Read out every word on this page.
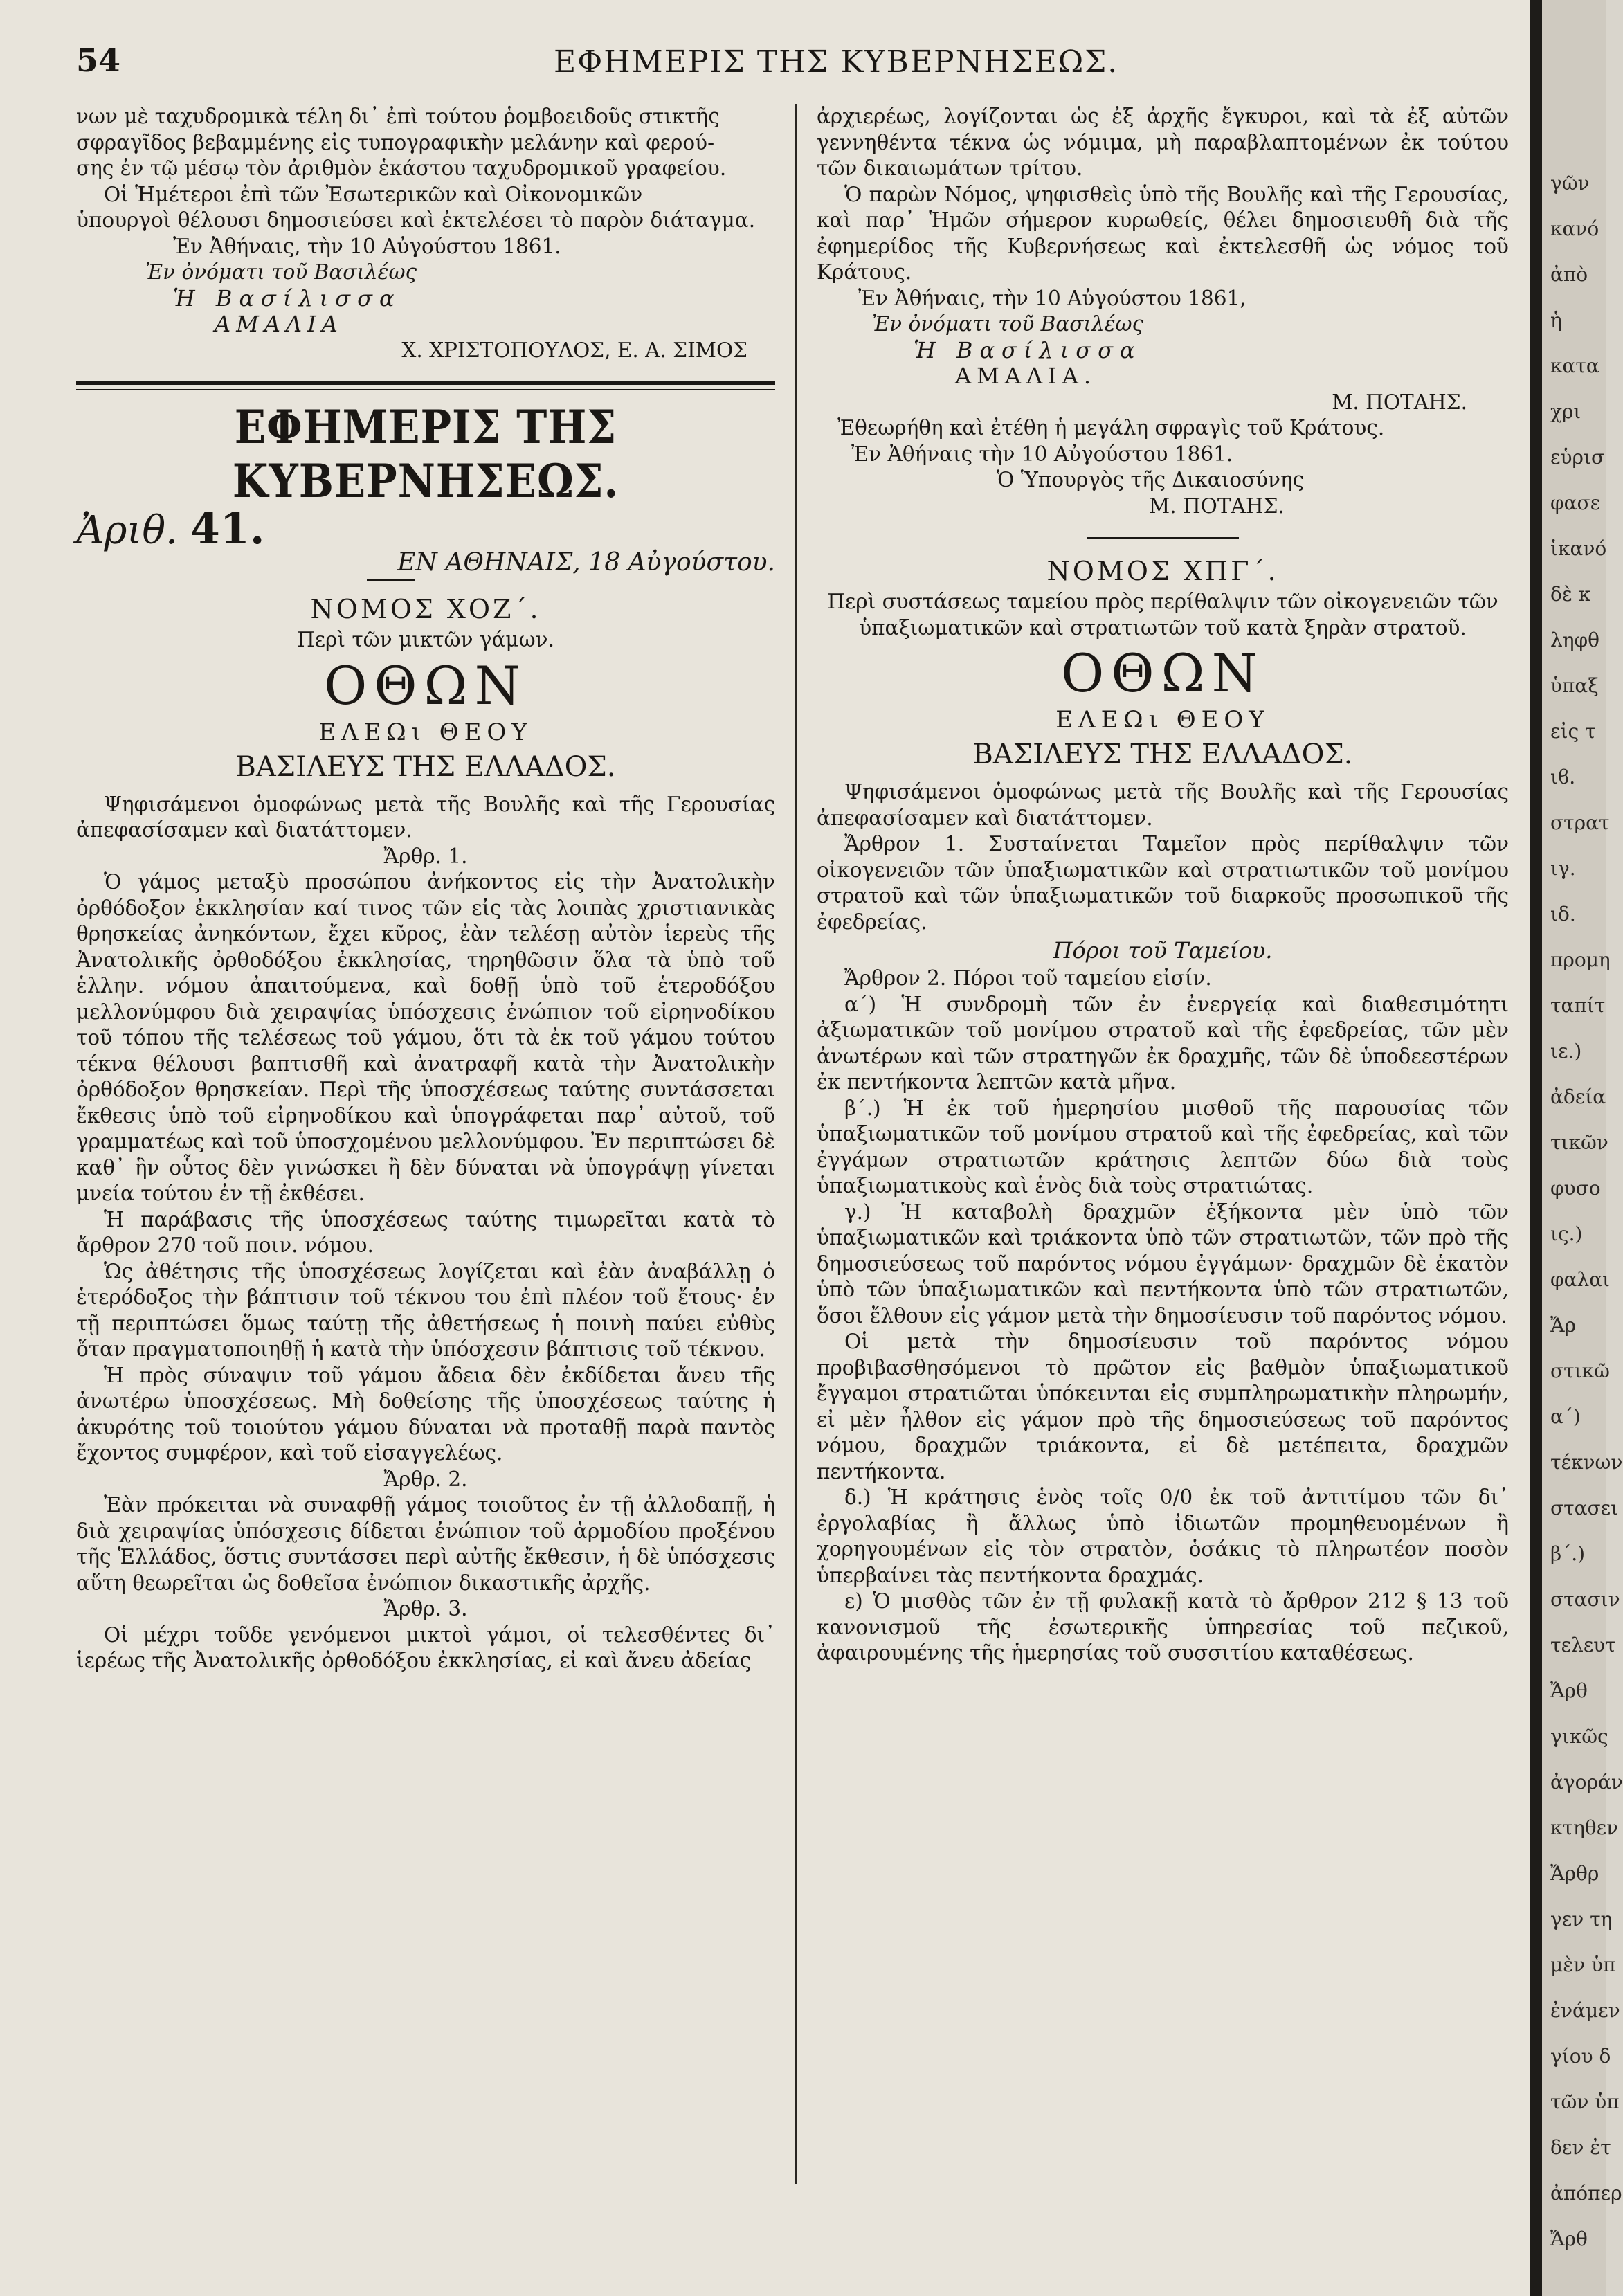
54	ΕΦΗΜΕΡΙΣ ΤΗΣ ΚΥΒΕΡΝΗΣΕΩΣ.

νων μὲ ταχυδρομικὰ τέλη δι᾽ ἐπὶ τούτου ῥομβοειδοῦς στικτῆς

σφραγῖδος βεβαμμένης εἰς τυπογραφικὴν μελάνην καὶ φερού-

σης ἐν τῷ μέσῳ τὸν ἀριθμὸν ἑκάστου ταχυδρομικοῦ γραφείου.

Οἱ Ἡμέτεροι ἐπὶ τῶν Ἐσωτερικῶν καὶ Οἰκονομικῶν

ὑπουργοὶ θέλουσι δημοσιεύσει καὶ ἐκτελέσει τὸ παρὸν διάταγμα.

Ἐν Ἀθήναις, τὴν 10 Αὐγούστου 1861.

Ἐν ὀνόματι τοῦ Βασιλέως

Ἡ Βασίλισσα

ΑΜΑΛΙΑ

Χ. ΧΡΙΣΤΟΠΟΥΛΟΣ, Ε. Α. ΣΙΜΟΣ

ΕΦΗΜΕΡΙΣ ΤΗΣ ΚΥΒΕΡΝΗΣΕΩΣ.
Ἀριθ. 41.
ΕΝ ΑΘΗΝΑΙΣ, 18 Αὐγούστου.
ΝΟΜΟΣ ΧΟΖ΄.

Περὶ τῶν μικτῶν γάμων.

ΟΘΩΝ
ΕΛΕΩι ΘΕΟΥ
ΒΑΣΙΛΕΥΣ ΤΗΣ ΕΛΛΑΔΟΣ.

Ψηφισάμενοι ὁμοφώνως μετὰ τῆς Βουλῆς καὶ τῆς Γερουσίας ἀπεφασίσαμεν καὶ διατάττομεν.

Ἄρθρ. 1.

Ὁ γάμος μεταξὺ προσώπου ἀνήκοντος εἰς τὴν Ἀνατολικὴν ὀρθόδοξον ἐκκλησίαν καί τινος τῶν εἰς τὰς λοιπὰς χριστιανικὰς θρησκείας ἀνηκόντων, ἔχει κῦρος, ἐὰν τελέσῃ αὐτὸν ἱερεὺς τῆς Ἀνατολικῆς ὀρθοδόξου ἐκκλησίας, τηρηθῶσιν ὅλα τὰ ὑπὸ τοῦ ἑλλην. νόμου ἀπαιτούμενα, καὶ δοθῇ ὑπὸ τοῦ ἑτεροδόξου μελλονύμφου διὰ χειραψίας ὑπόσχεσις ἐνώπιον τοῦ εἰρηνοδίκου τοῦ τόπου τῆς τελέσεως τοῦ γάμου, ὅτι τὰ ἐκ τοῦ γάμου τούτου τέκνα θέλουσι βαπτισθῆ καὶ ἀνατραφῆ κατὰ τὴν Ἀνατολικὴν ὀρθόδοξον θρησκείαν. Περὶ τῆς ὑποσχέσεως ταύτης συντάσσεται ἔκθεσις ὑπὸ τοῦ εἰρηνοδίκου καὶ ὑπογράφεται παρ᾽ αὐτοῦ, τοῦ γραμματέως καὶ τοῦ ὑποσχομένου μελλονύμφου. Ἐν περιπτώσει δὲ καθ᾽ ἣν οὗτος δὲν γινώσκει ἢ δὲν δύναται νὰ ὑπογράψῃ γίνεται μνεία τούτου ἐν τῇ ἐκθέσει.

Ἡ παράβασις τῆς ὑποσχέσεως ταύτης τιμωρεῖται κατὰ τὸ ἄρθρον 270 τοῦ ποιν. νόμου.

Ὡς ἀθέτησις τῆς ὑποσχέσεως λογίζεται καὶ ἐὰν ἀναβάλλῃ ὁ ἑτερόδοξος τὴν βάπτισιν τοῦ τέκνου του ἐπὶ πλέον τοῦ ἔτους· ἐν τῇ περιπτώσει ὅμως ταύτῃ τῆς ἀθετήσεως ἡ ποινὴ παύει εὐθὺς ὅταν πραγματοποιηθῇ ἡ κατὰ τὴν ὑπόσχεσιν βάπτισις τοῦ τέκνου.

Ἡ πρὸς σύναψιν τοῦ γάμου ἄδεια δὲν ἐκδίδεται ἄνευ τῆς ἀνωτέρω ὑποσχέσεως. Μὴ δοθείσης τῆς ὑποσχέσεως ταύτης ἡ ἀκυρότης τοῦ τοιούτου γάμου δύναται νὰ προταθῇ παρὰ παντὸς ἔχοντος συμφέρον, καὶ τοῦ εἰσαγγελέως.

Ἄρθρ. 2.

Ἐὰν πρόκειται νὰ συναφθῇ γάμος τοιοῦτος ἐν τῇ ἀλλοδαπῇ, ἡ διὰ χειραψίας ὑπόσχεσις δίδεται ἐνώπιον τοῦ ἁρμοδίου προξένου τῆς Ἑλλάδος, ὅστις συντάσσει περὶ αὐτῆς ἔκθεσιν, ἡ δὲ ὑπόσχεσις αὕτη θεωρεῖται ὡς δοθεῖσα ἐνώπιον δικαστικῆς ἀρχῆς.

Ἄρθρ. 3.

Οἱ μέχρι τοῦδε γενόμενοι μικτοὶ γάμοι, οἱ τελεσθέντες δι᾽ ἱερέως τῆς Ἀνατολικῆς ὀρθοδόξου ἐκκλησίας, εἰ καὶ ἄνευ ἀδείας

ἀρχιερέως, λογίζονται ὡς ἐξ ἀρχῆς ἔγκυροι, καὶ τὰ ἐξ αὐτῶν γεννηθέντα τέκνα ὡς νόμιμα, μὴ παραβλαπτομένων ἐκ τούτου τῶν δικαιωμάτων τρίτου.

Ὁ παρὼν Νόμος, ψηφισθεὶς ὑπὸ τῆς Βουλῆς καὶ τῆς Γερουσίας, καὶ παρ᾽ Ἡμῶν σήμερον κυρωθείς, θέλει δημοσιευθῆ διὰ τῆς ἐφημερίδος τῆς Κυβερνήσεως καὶ ἐκτελεσθῆ ὡς νόμος τοῦ Κράτους.

Ἐν Ἀθήναις, τὴν 10 Αὐγούστου 1861,

Ἐν ὀνόματι τοῦ Βασιλέως

Ἡ Βασίλισσα

ΑΜΑΛΙΑ.

Μ. ΠΟΤΑΗΣ.

Ἐθεωρήθη καὶ ἐτέθη ἡ μεγάλη σφραγὶς τοῦ Κράτους.

Ἐν Ἀθήναις τὴν 10 Αὐγούστου 1861.

Ὁ Ὑπουργὸς τῆς Δικαιοσύνης

Μ. ΠΟΤΑΗΣ.

ΝΟΜΟΣ ΧΠΓ΄.

Περὶ συστάσεως ταμείου πρὸς περίθαλψιν τῶν οἰκογενειῶν τῶν ὑπαξιωματικῶν καὶ στρατιωτῶν τοῦ κατὰ ξηρὰν στρατοῦ.

ΟΘΩΝ
ΕΛΕΩι ΘΕΟΥ
ΒΑΣΙΛΕΥΣ ΤΗΣ ΕΛΛΑΔΟΣ.

Ψηφισάμενοι ὁμοφώνως μετὰ τῆς Βουλῆς καὶ τῆς Γερουσίας ἀπεφασίσαμεν καὶ διατάττομεν.

Ἄρθρον 1. Συσταίνεται Ταμεῖον πρὸς περίθαλψιν τῶν οἰκογενειῶν τῶν ὑπαξιωματικῶν καὶ στρατιωτικῶν τοῦ μονίμου στρατοῦ καὶ τῶν ὑπαξιωματικῶν τοῦ διαρκοῦς προσωπικοῦ τῆς ἐφεδρείας.

Πόροι τοῦ Ταμείου.

Ἄρθρον 2. Πόροι τοῦ ταμείου εἰσίν.

α΄) Ἡ συνδρομὴ τῶν ἐν ἐνεργείᾳ καὶ διαθεσιμότητι ἀξιωματικῶν τοῦ μονίμου στρατοῦ καὶ τῆς ἐφεδρείας, τῶν μὲν ἀνωτέρων καὶ τῶν στρατηγῶν ἐκ δραχμῆς, τῶν δὲ ὑποδεεστέρων ἐκ πεντήκοντα λεπτῶν κατὰ μῆνα.

β΄.) Ἡ ἐκ τοῦ ἡμερησίου μισθοῦ τῆς παρουσίας τῶν ὑπαξιωματικῶν τοῦ μονίμου στρατοῦ καὶ τῆς ἐφεδρείας, καὶ τῶν ἐγγάμων στρατιωτῶν κράτησις λεπτῶν δύω διὰ τοὺς ὑπαξιωματικοὺς καὶ ἑνὸς διὰ τοὺς στρατιώτας.

γ.) Ἡ καταβολὴ δραχμῶν ἑξήκοντα μὲν ὑπὸ τῶν ὑπαξιωματικῶν καὶ τριάκοντα ὑπὸ τῶν στρατιωτῶν, τῶν πρὸ τῆς δημοσιεύσεως τοῦ παρόντος νόμου ἐγγάμων· δραχμῶν δὲ ἑκατὸν ὑπὸ τῶν ὑπαξιωματικῶν καὶ πεντήκοντα ὑπὸ τῶν στρατιωτῶν, ὅσοι ἔλθουν εἰς γάμον μετὰ τὴν δημοσίευσιν τοῦ παρόντος νόμου.

Οἱ μετὰ τὴν δημοσίευσιν τοῦ παρόντος νόμου προβιβασθησόμενοι τὸ πρῶτον εἰς βαθμὸν ὑπαξιωματικοῦ ἔγγαμοι στρατιῶται ὑπόκεινται εἰς συμπληρωματικὴν πληρωμήν, εἰ μὲν ἦλθον εἰς γάμον πρὸ τῆς δημοσιεύσεως τοῦ παρόντος νόμου, δραχμῶν τριάκοντα, εἰ δὲ μετέπειτα, δραχμῶν πεντήκοντα.

δ.) Ἡ κράτησις ἑνὸς τοῖς 0/0 ἐκ τοῦ ἀντιτίμου τῶν δι᾽ ἐργολαβίας ἢ ἄλλως ὑπὸ ἰδιωτῶν προμηθευομένων ἢ χορηγουμένων εἰς τὸν στρατὸν, ὁσάκις τὸ πληρωτέον ποσὸν ὑπερβαίνει τὰς πεντήκοντα δραχμάς.

ε) Ὁ μισθὸς τῶν ἐν τῇ φυλακῇ κατὰ τὸ ἄρθρον 212 § 13 τοῦ κανονισμοῦ τῆς ἐσωτερικῆς ὑπηρεσίας τοῦ πεζικοῦ, ἀφαιρουμένης τῆς ἡμερησίας τοῦ συσσιτίου καταθέσεως.

γῶν
κανό
ἀπὸ
ἡ
κατα
χρι
εὑρισ
φασε
ἱκανό
δὲ κ
ληφθ
ὑπαξ
εἰς τ
ιϐ.
στρατ
ιγ.
ιδ.
προμη
ταπίτ
ιε.)
ἀδεία
τικῶν
φυσο
ις.)
φαλαι
Ἄρ
στικῶ
α΄)
τέκνων
στασει
β΄.)
στασιν
τελευτ
Ἄρθ
γικῶς
ἀγοράν
κτηθεν
Ἄρθρ
γεν τη
μὲν ὑπ
ἐνάμεν
γίου δ
τῶν ὑπ
δεν ἐτ
ἀπόπερ
Ἄρθ
